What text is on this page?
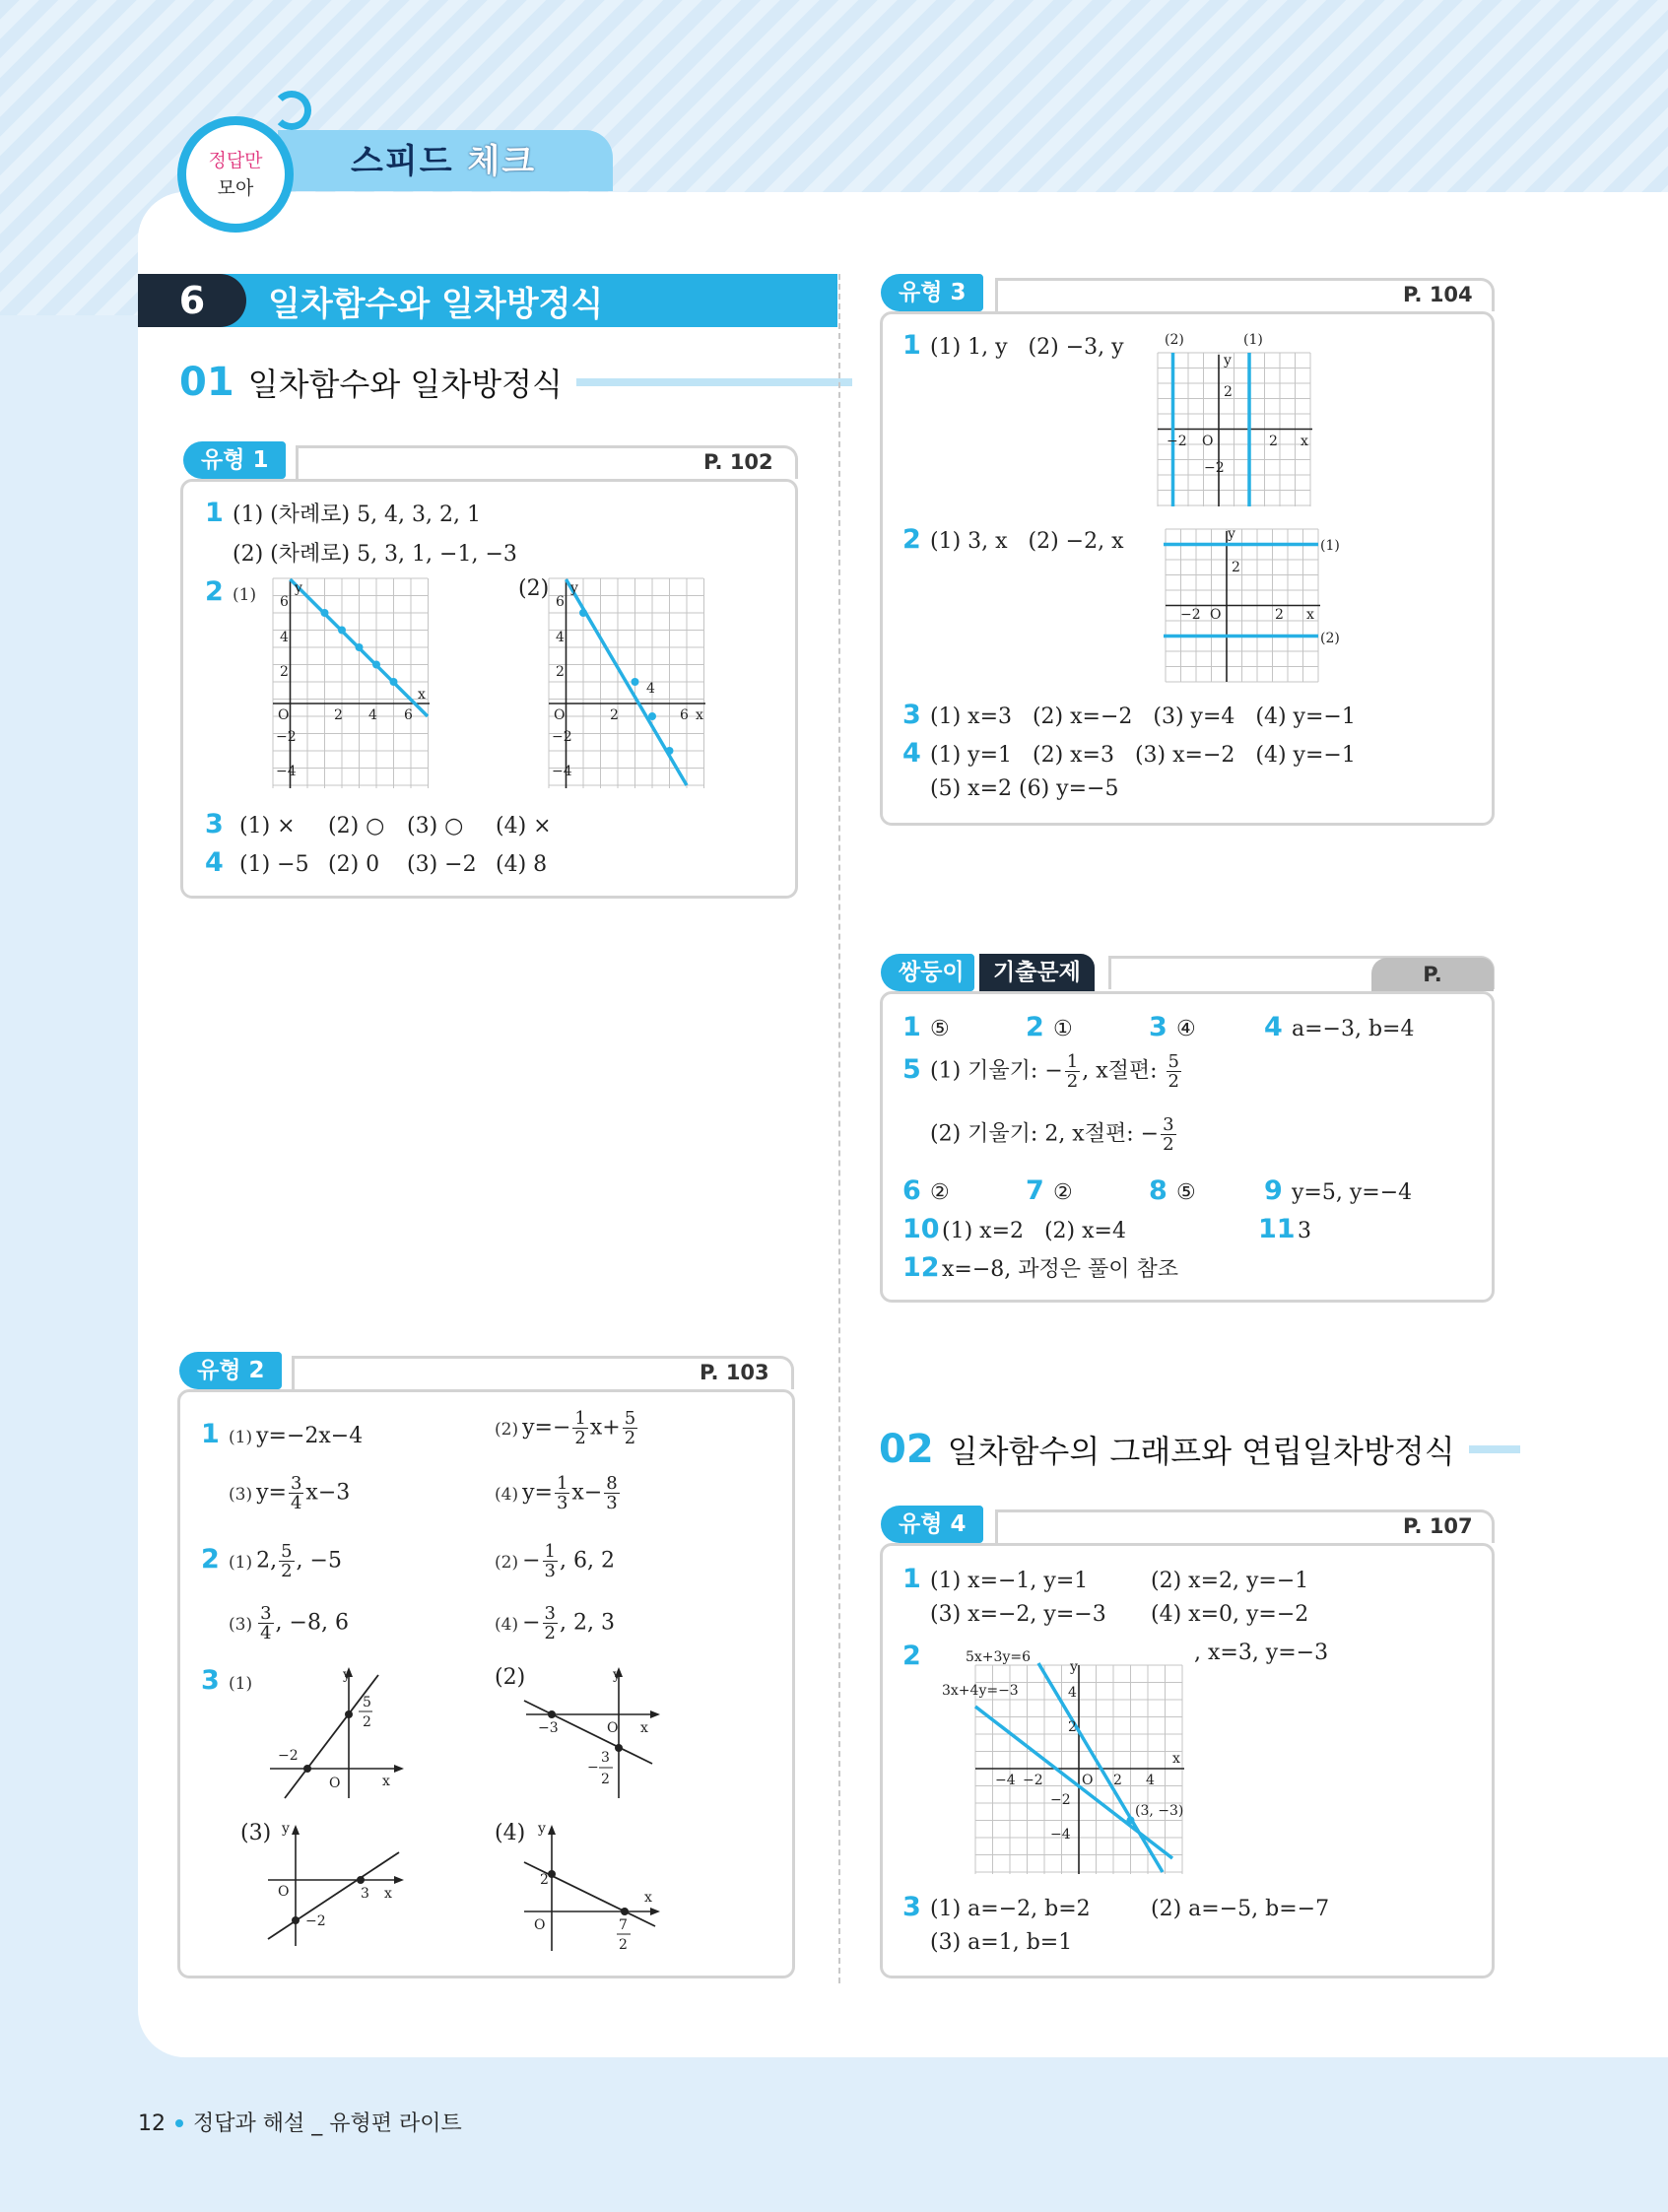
정답만
모아
스피드 체크
6	일차함수와 일차방정식
01 일차함수와 일차방정식
P. 102
유형 1
1 (1) (차례로) 5, 4, 3, 2, 1
(2) (차례로) 5, 3, 1, −1, −3
2 (1)	(2)
y
6
4
2
O	2 4 6
x
−2
−4
y
6
4
2
O	2
4
6 x
−2
−4
3 (1) × (2) ○ (3) ○ (4) ×
4 (1) −5 (2) 0 (3) −2 (4) 8
P. 103
유형 2
1 (1) y=−2x−4	(2) $y=- \frac{1}{2} x+ \frac{5}{2}$
(3) $y= \frac{3}{4} x-3$	(4) $y= \frac{1}{3} x- \frac{8}{3}$
2 (1) 2, $\frac{5}{2}$ , −5	$(2) - \frac{1}{3}$ , 6, 2
$(3) \frac{3}{4}$ , −8, 6	$(4) - \frac{3}{2}$ , 2, 3
3 (1)	(2)
(3)	(4)
y
−2
O	x
5
2
y
−3	O x
−
3
2
y
O	3 x
−2
y
2
O
x
7
2
P. 104
유형 3
1 (1) 1, y   (2) −3, y	(2)	(1)
y
2
−2 O	2 x
−2
2 (1) 3, x   (2) −2, x	y
2
−2 O	2 x
(1)
(2)
3 (1) x=3   (2) x=−2   (3) y=4   (4) y=−1
4 (1) y=1   (2) x=3   (3) x=−2   (4) y=−1
(5) x=2 (6) y=−5
P.
쌍둥이	기출문제
1 ⑤	2 ①	3 ④	4 a=−3, b=4
5 (1) 기울기: − $\frac{1}{2}$ , x절편: $\frac{5}{2}$
(2) 기울기: 2, x절편: − $\frac{3}{2}$
6 ②	7 ②	8 ⑤	9 y=5, y=−4
10 (1) x=2   (2) x=4	11 3
12 x=−8, 과정은 풀이 참조
02 일차함수의 그래프와 연립일차방정식
P. 107
유형 4
1 (1) x=−1, y=1	(2) x=2, y=−1
(3) x=−2, y=−3 (4) x=0, y=−2
2	, x=3, y=−3
5x+3y=6
3x+4y=−3
y
4
2
−4 −2	O 2 4
x
−2
−4
(3, −3)
3 (1) a=−2, b=2	(2) a=−5, b=−7
(3) a=1, b=1
12 정답과 해설 _ 유형편 라이트
